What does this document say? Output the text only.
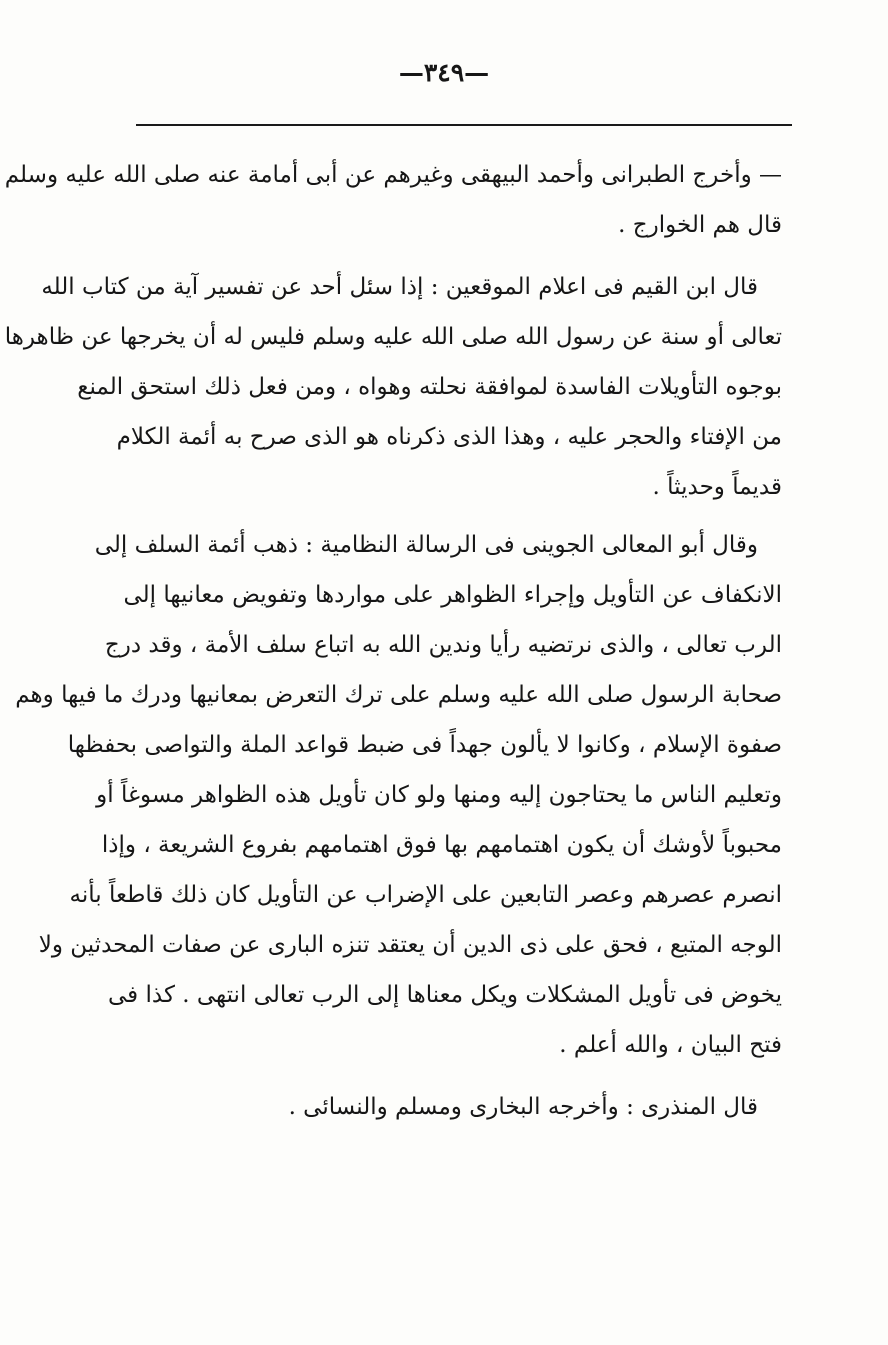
—٣٤٩—
— وأخرج الطبرانى وأحمد البيهقى وغيرهم عن أبى أمامة عنه صلى الله عليه وسلم
قال هم الخوارج .
قال ابن القيم فى اعلام الموقعين : إذا سئل أحد عن تفسير آية من كتاب الله
تعالى أو سنة عن رسول الله صلى الله عليه وسلم فليس له أن يخرجها عن ظاهرها
بوجوه التأويلات الفاسدة لموافقة نحلته وهواه ، ومن فعل ذلك استحق المنع
من الإفتاء والحجر عليه ، وهذا الذى ذكرناه هو الذى صرح به أئمة الكلام
قديماً وحديثاً .
وقال أبو المعالى الجوينى فى الرسالة النظامية : ذهب أئمة السلف إلى
الانكفاف عن التأويل وإجراء الظواهر على مواردها وتفويض معانيها إلى
الرب تعالى ، والذى نرتضيه رأيا وندين الله به اتباع سلف الأمة ، وقد درج
صحابة الرسول صلى الله عليه وسلم على ترك التعرض بمعانيها ودرك ما فيها وهم
صفوة الإسلام ، وكانوا لا يألون جهداً فى ضبط قواعد الملة والتواصى بحفظها
وتعليم الناس ما يحتاجون إليه ومنها ولو كان تأويل هذه الظواهر مسوغاً أو
محبوباً لأوشك أن يكون اهتمامهم بها فوق اهتمامهم بفروع الشريعة ، وإذا
انصرم عصرهم وعصر التابعين على الإضراب عن التأويل كان ذلك قاطعاً بأنه
الوجه المتبع ، فحق على ذى الدين أن يعتقد تنزه البارى عن صفات المحدثين ولا
يخوض فى تأويل المشكلات ويكل معناها إلى الرب تعالى انتهى . كذا فى
فتح البيان ، والله أعلم .
قال المنذرى : وأخرجه البخارى ومسلم والنسائى .
